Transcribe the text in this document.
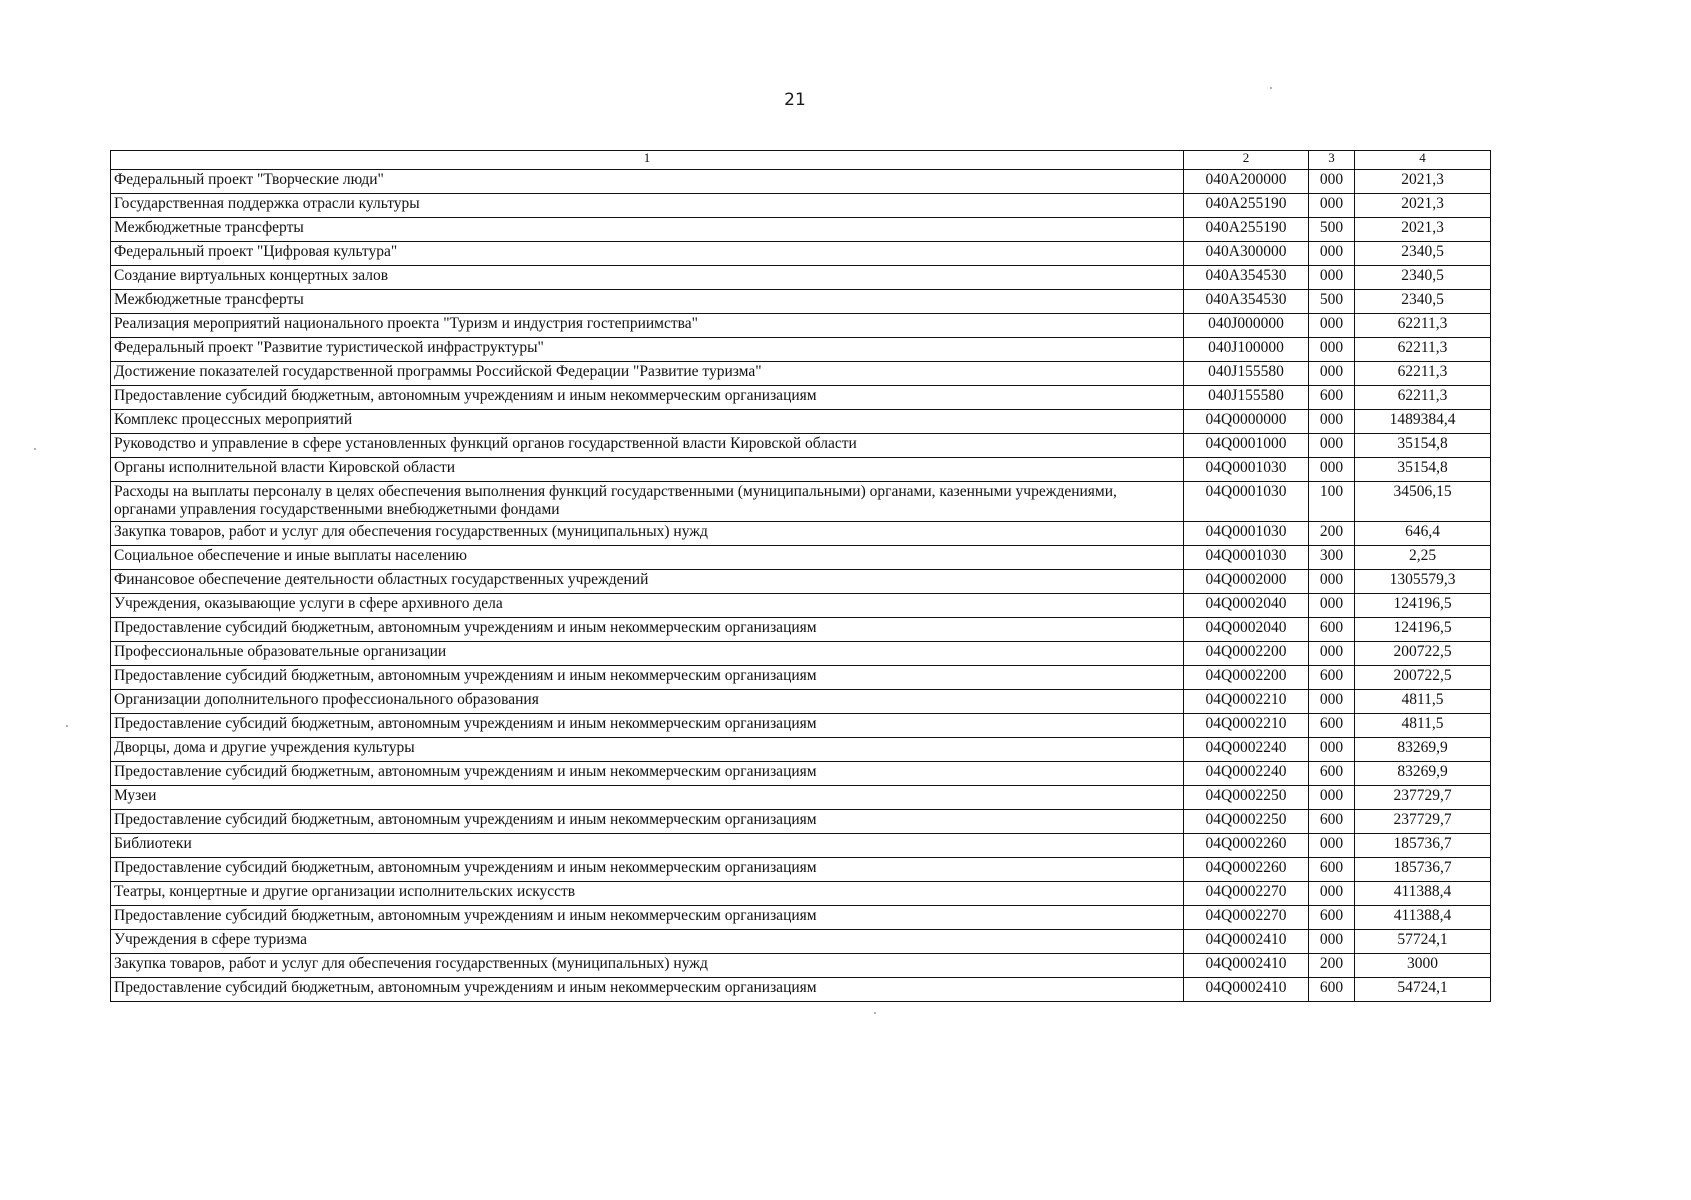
21
1	2	3	4
Федеральный проект "Творческие люди"	040A200000	000	2021,3
Государственная поддержка отрасли культуры	040A255190	000	2021,3
Межбюджетные трансферты	040A255190	500	2021,3
Федеральный проект "Цифровая культура"	040A300000	000	2340,5
Создание виртуальных концертных залов	040A354530	000	2340,5
Межбюджетные трансферты	040A354530	500	2340,5
Реализация мероприятий национального проекта "Туризм и индустрия гостеприимства"	040J000000	000	62211,3
Федеральный проект "Развитие туристической инфраструктуры"	040J100000	000	62211,3
Достижение показателей государственной программы Российской Федерации "Развитие туризма"	040J155580	000	62211,3
Предоставление субсидий бюджетным, автономным учреждениям и иным некоммерческим организациям	040J155580	600	62211,3
Комплекс процессных мероприятий	04Q0000000	000	1489384,4
Руководство и управление в сфере установленных функций органов государственной власти Кировской области	04Q0001000	000	35154,8
Органы исполнительной власти Кировской области	04Q0001030	000	35154,8
Расходы на выплаты персоналу в целях обеспечения выполнения функций государственными (муниципальными) органами, казенными учреждениями, органами управления государственными внебюджетными фондами	04Q0001030	100	34506,15
Закупка товаров, работ и услуг для обеспечения государственных (муниципальных) нужд	04Q0001030	200	646,4
Социальное обеспечение и иные выплаты населению	04Q0001030	300	2,25
Финансовое обеспечение деятельности областных государственных учреждений	04Q0002000	000	1305579,3
Учреждения, оказывающие услуги в сфере архивного дела	04Q0002040	000	124196,5
Предоставление субсидий бюджетным, автономным учреждениям и иным некоммерческим организациям	04Q0002040	600	124196,5
Профессиональные образовательные организации	04Q0002200	000	200722,5
Предоставление субсидий бюджетным, автономным учреждениям и иным некоммерческим организациям	04Q0002200	600	200722,5
Организации дополнительного профессионального образования	04Q0002210	000	4811,5
Предоставление субсидий бюджетным, автономным учреждениям и иным некоммерческим организациям	04Q0002210	600	4811,5
Дворцы, дома и другие учреждения культуры	04Q0002240	000	83269,9
Предоставление субсидий бюджетным, автономным учреждениям и иным некоммерческим организациям	04Q0002240	600	83269,9
Музеи	04Q0002250	000	237729,7
Предоставление субсидий бюджетным, автономным учреждениям и иным некоммерческим организациям	04Q0002250	600	237729,7
Библиотеки	04Q0002260	000	185736,7
Предоставление субсидий бюджетным, автономным учреждениям и иным некоммерческим организациям	04Q0002260	600	185736,7
Театры, концертные и другие организации исполнительских искусств	04Q0002270	000	411388,4
Предоставление субсидий бюджетным, автономным учреждениям и иным некоммерческим организациям	04Q0002270	600	411388,4
Учреждения в сфере туризма	04Q0002410	000	57724,1
Закупка товаров, работ и услуг для обеспечения государственных (муниципальных) нужд	04Q0002410	200	3000
Предоставление субсидий бюджетным, автономным учреждениям и иным некоммерческим организациям	04Q0002410	600	54724,1
